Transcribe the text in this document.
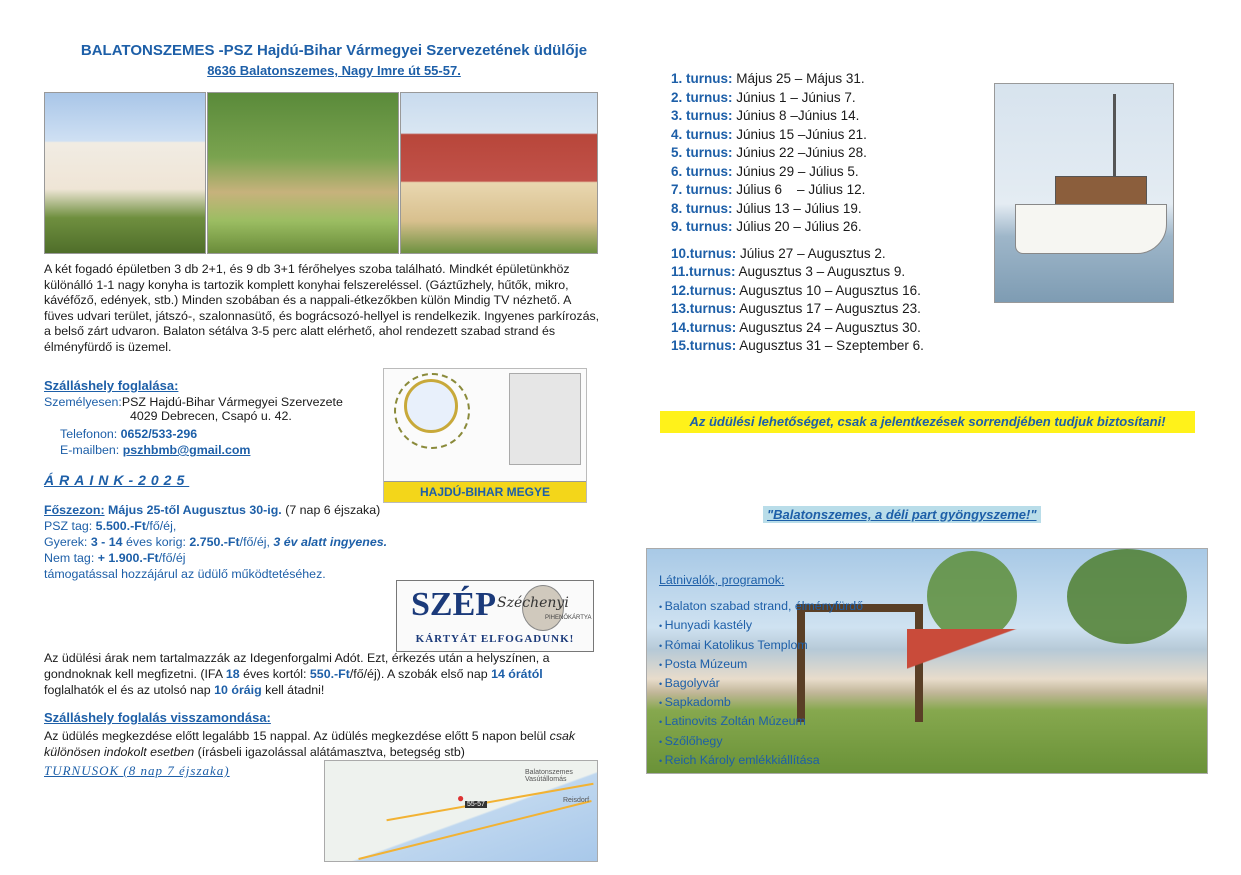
BALATONSZEMES -PSZ Hajdú-Bihar Vármegyei Szervezetének üdülője
8636 Balatonszemes, Nagy Imre út 55-57.
A két fogadó épületben 3 db 2+1, és 9 db 3+1 férőhelyes szoba található. Mindkét épületünkhöz különálló 1-1 nagy konyha is tartozik komplett konyhai felszereléssel. (Gáztűzhely, hűtők, mikro, kávéfőző, edények, stb.) Minden szobában és a nappali-étkezőkben külön Mindig TV nézhető. A füves udvari terület, játszó-, szalonnasütő, és bográcsozó-hellyel is rendelkezik. Ingyenes parkírozás, a belső zárt udvaron. Balaton sétálva 3-5 perc alatt elérhető, ahol rendezett szabad strand és élményfürdő is üzemel.
Szálláshely foglalása:
Személyesen:PSZ Hajdú-Bihar Vármegyei Szervezete
4029 Debrecen, Csapó u. 42.
Telefonon: 0652/533-296
E-mailben: pszhbmb@gmail.com
HAJDÚ-BIHAR MEGYE
ÁRAINK-2025
Főszezon: Május 25-től Augusztus 30-ig. (7 nap 6 éjszaka)
PSZ tag: 5.500.-Ft/fő/éj,
Gyerek: 3 - 14 éves korig: 2.750.-Ft/fő/éj, 3 év alatt ingyenes.
Nem tag: + 1.900.-Ft/fő/éj
támogatással hozzájárul az üdülő működtetéséhez.
SZÉP Széchenyi
PIHENŐKÁRTYA
KÁRTYÁT ELFOGADUNK!
Az üdülési árak nem tartalmazzák az Idegenforgalmi Adót. Ezt, érkezés után a helyszínen, a gondnoknak kell megfizetni. (IFA 18 éves kortól: 550.-Ft/fő/éj). A szobák első nap 14 órától foglalhatók el és az utolsó nap 10 óráig kell átadni!
Szálláshely foglalás visszamondása:
Az üdülés megkezdése előtt legalább 15 nappal. Az üdülés megkezdése előtt 5 napon belül csak különösen indokolt esetben (írásbeli igazolással alátámasztva, betegség stb)
TURNUSOK (8 nap 7 éjszaka)	Balatonszemes Vasútállomás
55-57
Reisdorf
●
1. turnus: Május 25 – Május 31.
2. turnus: Június 1 – Június 7.
3. turnus: Június 8 –Június 14.
4. turnus: Június 15 –Június 21.
5. turnus: Június 22 –Június 28.
6. turnus: Június 29 – Július 5.
7. turnus: Július 6    – Július 12.
8. turnus: Július 13 – Július 19.
9. turnus: Július 20 – Július 26.
10.turnus: Július 27 – Augusztus 2.
11.turnus: Augusztus 3 – Augusztus 9.
12.turnus: Augusztus 10 – Augusztus 16.
13.turnus: Augusztus 17 – Augusztus 23.
14.turnus: Augusztus 24 – Augusztus 30.
15.turnus: Augusztus 31 – Szeptember 6.
Az üdülési lehetőséget, csak a jelentkezések sorrendjében tudjuk biztosítani!
"Balatonszemes, a déli part gyöngyszeme!"
Látnivalók, programok:
• Balaton szabad strand, élményfürdő
• Hunyadi kastély
• Római Katolikus Templom
• Posta Múzeum
• Bagolyvár
• Sapkadomb
• Latinovits Zoltán Múzeum
• Szőlőhegy
• Reich Károly emlékkiállítása
